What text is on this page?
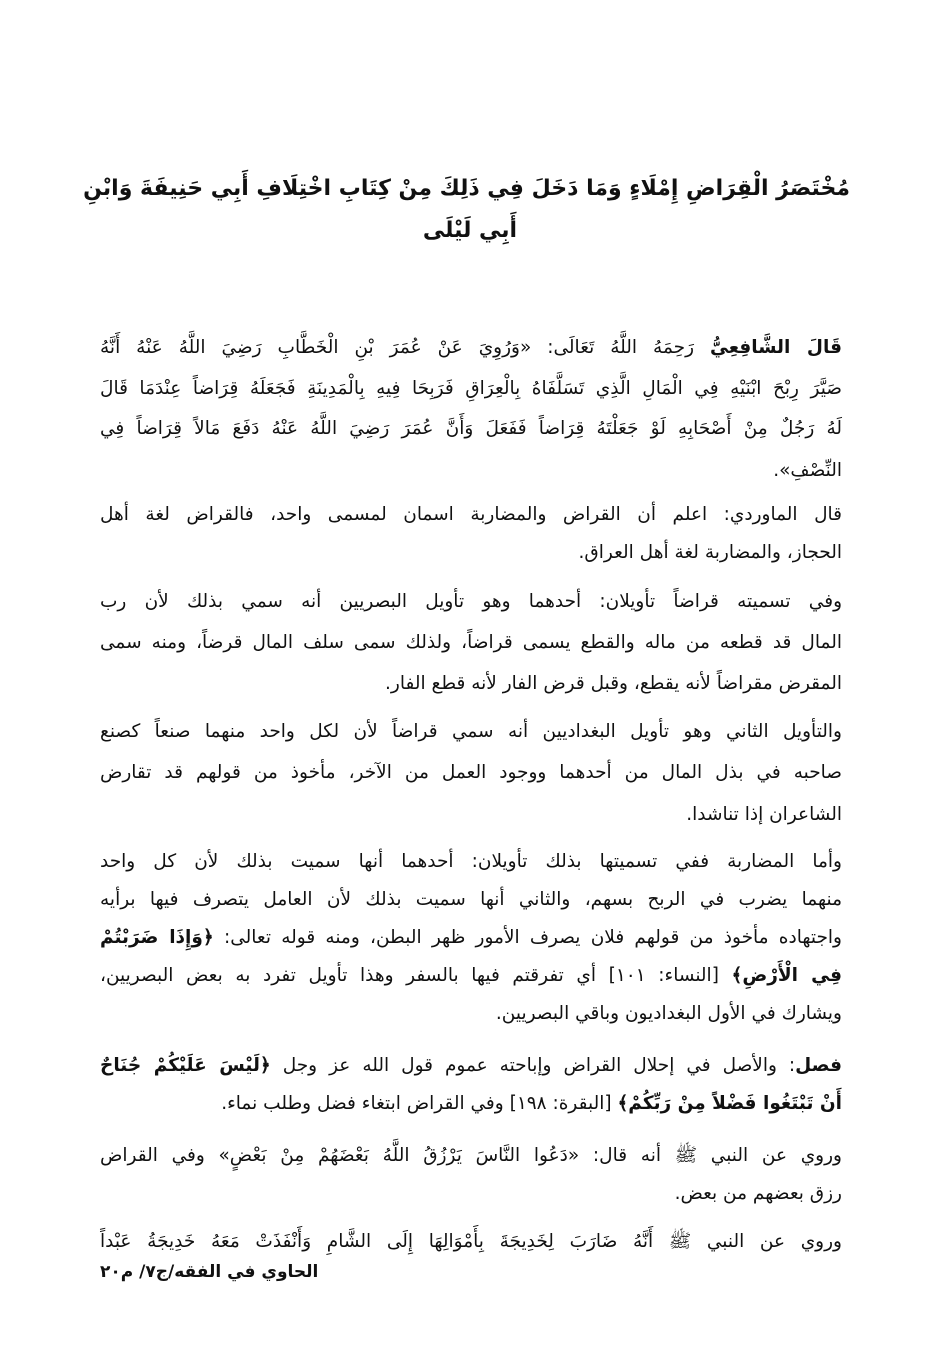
مُخْتَصَرُ الْقِرَاضِ إِمْلَاءٍ وَمَا دَخَلَ فِي ذَلِكَ مِنْ كِتَابِ اخْتِلَافِ أَبِي حَنِيفَةَ وَابْنِ
أَبِي لَيْلَى
قَالَ الشَّافِعِيُّ رَحِمَهُ اللَّهُ تَعَالَى: «وَرُوِيَ عَنْ عُمَرَ بْنِ الْخَطَّابِ رَضِيَ اللَّهُ عَنْهُ أَنَّهُ
صَيَّرَ رِبْحَ ابْنَيْهِ فِي الْمَالِ الَّذِي تَسَلَّفَاهُ بِالْعِرَاقِ فَرَبِحَا فِيهِ بِالْمَدِينَةِ فَجَعَلَهُ قِرَاضاً عِنْدَمَا قَالَ
لَهُ رَجُلٌ مِنْ أَصْحَابِهِ لَوْ جَعَلْتَهُ قِرَاضاً فَفَعَلَ وَأَنَّ عُمَرَ رَضِيَ اللَّهُ عَنْهُ دَفَعَ مَالاً قِرَاضاً فِي
النِّصْفِ».
قال الماوردي: اعلم أن القراض والمضاربة اسمان لمسمى واحد، فالقراض لغة أهل
الحجاز، والمضاربة لغة أهل العراق.
وفي تسميته قراضاً تأويلان: أحدهما وهو تأويل البصريين أنه سمي بذلك لأن رب
المال قد قطعه من ماله والقطع يسمى قراضاً، ولذلك سمى سلف المال قرضاً، ومنه سمى
المقرض مقراضاً لأنه يقطع، وقبل قرض الفار لأنه قطع الفار.
والتأويل الثاني وهو تأويل البغداديين أنه سمي قراضاً لأن لكل واحد منهما صنعاً كصنع
صاحبه في بذل المال من أحدهما ووجود العمل من الآخر، مأخوذ من قولهم قد تقارض
الشاعران إذا تناشدا.
وأما المضاربة ففي تسميتها بذلك تأويلان: أحدهما أنها سميت بذلك لأن كل واحد
منهما يضرب في الربح بسهم، والثاني أنها سميت بذلك لأن العامل يتصرف فيها برأيه
واجتهاده مأخوذ من قولهم فلان يصرف الأمور ظهر البطن، ومنه قوله تعالى: ﴿وَإِذَا ضَرَبْتُمْ
فِي الْأَرْضِ﴾ [النساء: ١٠١] أي تفرقتم فيها بالسفر وهذا تأويل تفرد به بعض البصريين،
ويشارك في الأول البغداديون وباقي البصريين.
فصل: والأصل في إحلال القراض وإباحته عموم قول الله عز وجل ﴿لَيْسَ عَلَيْكُمْ جُنَاحٌ
أَنْ تَبْتَغُوا فَضْلاً مِنْ رَبِّكُمْ﴾ [البقرة: ١٩٨] وفي القراض ابتغاء فضل وطلب نماء.
وروي عن النبي ﷺ أنه قال: «دَعُوا النَّاسَ يَرْزُقُ اللَّهُ بَعْضَهُمْ مِنْ بَعْضٍ» وفي القراض
رزق بعضهم من بعض.
وروي عن النبي ﷺ أَنَّهُ ضَارَبَ لِخَدِيجَةَ بِأَمْوَالِهَا إِلَى الشَّامِ وَأَنْفَذَتْ مَعَهُ خَدِيجَةُ عَبْداً
الحاوي في الفقه/ج٧/ م٢٠
